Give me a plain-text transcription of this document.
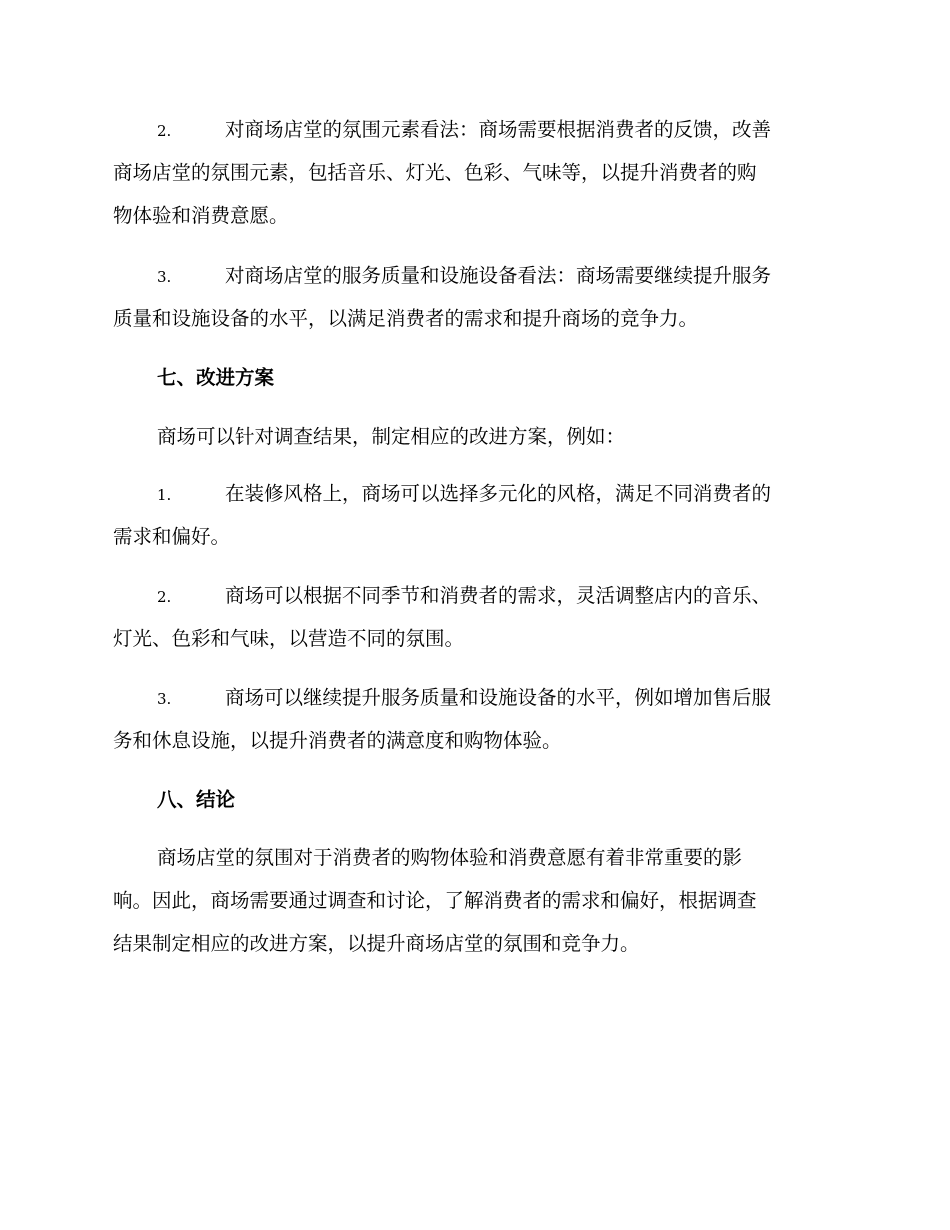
2.	对商场店堂的氛围元素看法：商场需要根据消费者的反馈，改善
商场店堂的氛围元素，包括音乐、灯光、色彩、气味等，以提升消费者的购
物体验和消费意愿。
3.	对商场店堂的服务质量和设施设备看法：商场需要继续提升服务
质量和设施设备的水平，以满足消费者的需求和提升商场的竞争力。
七、改进方案
商场可以针对调查结果，制定相应的改进方案，例如：
1.	在装修风格上，商场可以选择多元化的风格，满足不同消费者的
需求和偏好。
2.	商场可以根据不同季节和消费者的需求，灵活调整店内的音乐、
灯光、色彩和气味，以营造不同的氛围。
3.	商场可以继续提升服务质量和设施设备的水平，例如增加售后服
务和休息设施，以提升消费者的满意度和购物体验。
八、结论
商场店堂的氛围对于消费者的购物体验和消费意愿有着非常重要的影
响。因此，商场需要通过调查和讨论，了解消费者的需求和偏好，根据调查
结果制定相应的改进方案，以提升商场店堂的氛围和竞争力。
